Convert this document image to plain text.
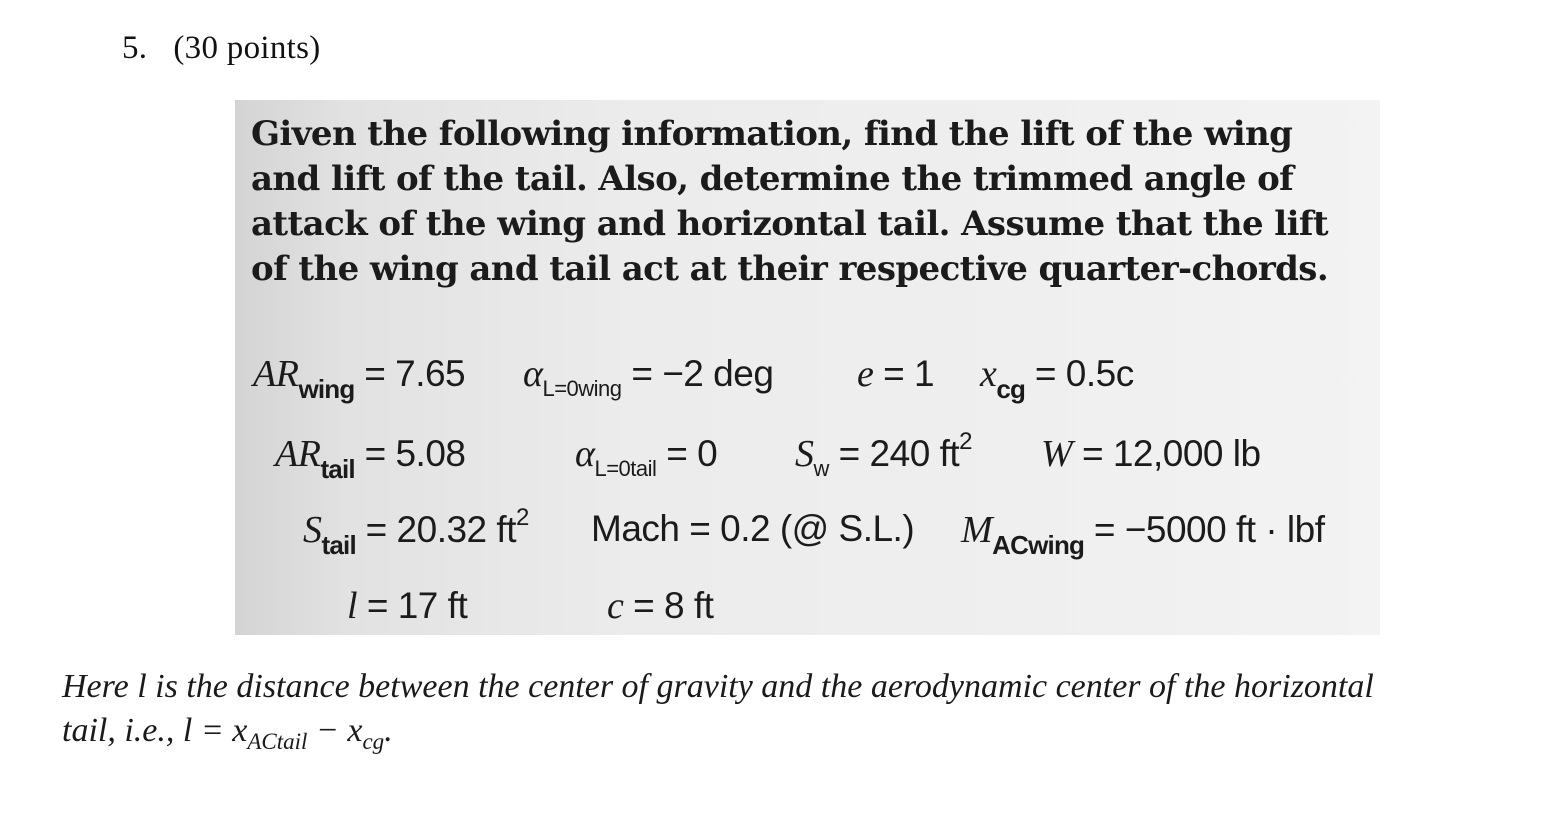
5. (30 points)
Given the following information, find the lift of the wing and lift of the tail. Also, determine the trimmed angle of attack of the wing and horizontal tail. Assume that the lift of the wing and tail act at their respective quarter-chords.
$AR_{wing} = 7.65$ $\alpha_{L=0wing} = -2$ deg e = 1 $x_{cg} = 0.5c$
$AR_{tail} = 5.08$	$\alpha_{L=0tail} = 0$ $S_w = 240$ $ft^2$ W = 12,000 lb
$S_{tail} = 20.32$ $ft^2$ Mach = 0.2 (@ S.L.) $M_{ACwing} = -5000$ ft · lbf
l = 17 ft	c = 8 ft
Here l is the distance between the center of gravity and the aerodynamic center of the horizontal
tail, i.e., $l = x_{ACtail} - x_{cg}$.
